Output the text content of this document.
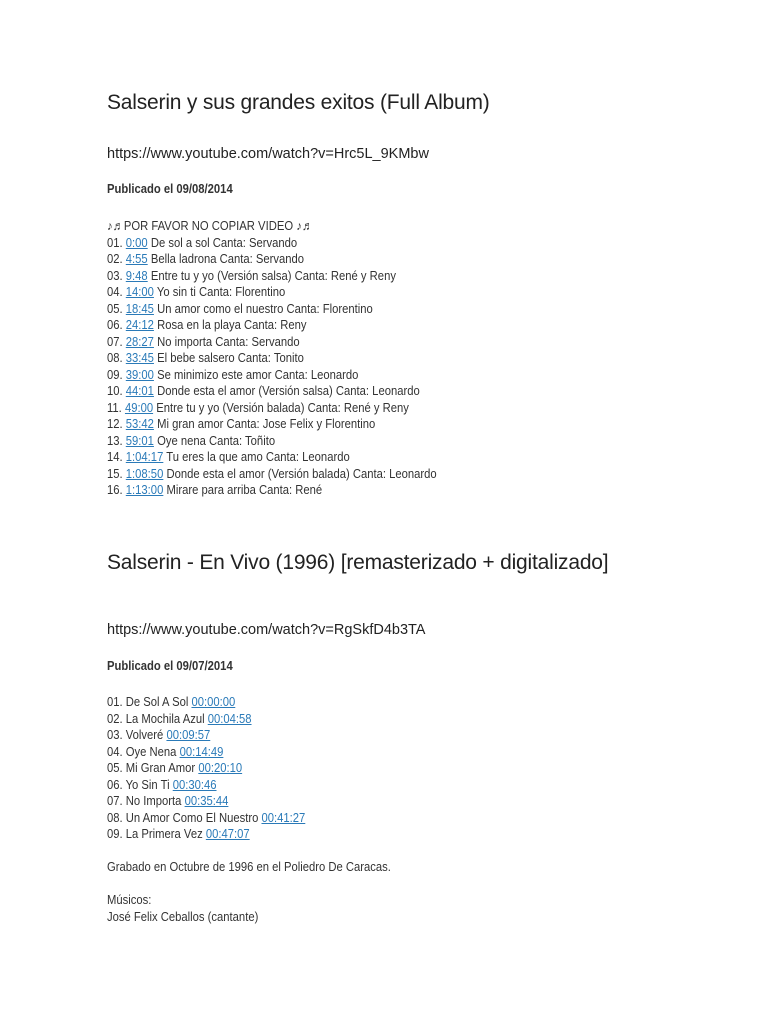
Salserin y sus grandes exitos (Full Album)
https://www.youtube.com/watch?v=Hrc5L_9KMbw
Publicado el 09/08/2014
♪♬POR FAVOR NO COPIAR VIDEO ♪♬
01. 0:00 De sol a sol Canta: Servando
02. 4:55 Bella ladrona Canta: Servando
03. 9:48 Entre tu y yo (Versión salsa) Canta: René y Reny
04. 14:00 Yo sin ti Canta: Florentino
05. 18:45 Un amor como el nuestro Canta: Florentino
06. 24:12 Rosa en la playa Canta: Reny
07. 28:27 No importa Canta: Servando
08. 33:45 El bebe salsero Canta: Tonito
09. 39:00 Se minimizo este amor Canta: Leonardo
10. 44:01 Donde esta el amor (Versión salsa) Canta: Leonardo
11. 49:00 Entre tu y yo (Versión balada) Canta: René y Reny
12. 53:42 Mi gran amor Canta: Jose Felix y Florentino
13. 59:01 Oye nena Canta: Toñito
14. 1:04:17 Tu eres la que amo Canta: Leonardo
15. 1:08:50 Donde esta el amor (Versión balada) Canta: Leonardo
16. 1:13:00 Mirare para arriba Canta: René
Salserin - En Vivo (1996) [remasterizado + digitalizado]
https://www.youtube.com/watch?v=RgSkfD4b3TA
Publicado el 09/07/2014
01. De Sol A Sol 00:00:00
02. La Mochila Azul 00:04:58
03. Volveré 00:09:57
04. Oye Nena 00:14:49
05. Mi Gran Amor 00:20:10
06. Yo Sin Ti 00:30:46
07. No Importa 00:35:44
08. Un Amor Como El Nuestro 00:41:27
09. La Primera Vez 00:47:07
Grabado en Octubre de 1996 en el Poliedro De Caracas.
Músicos:
José Felix Ceballos (cantante)
